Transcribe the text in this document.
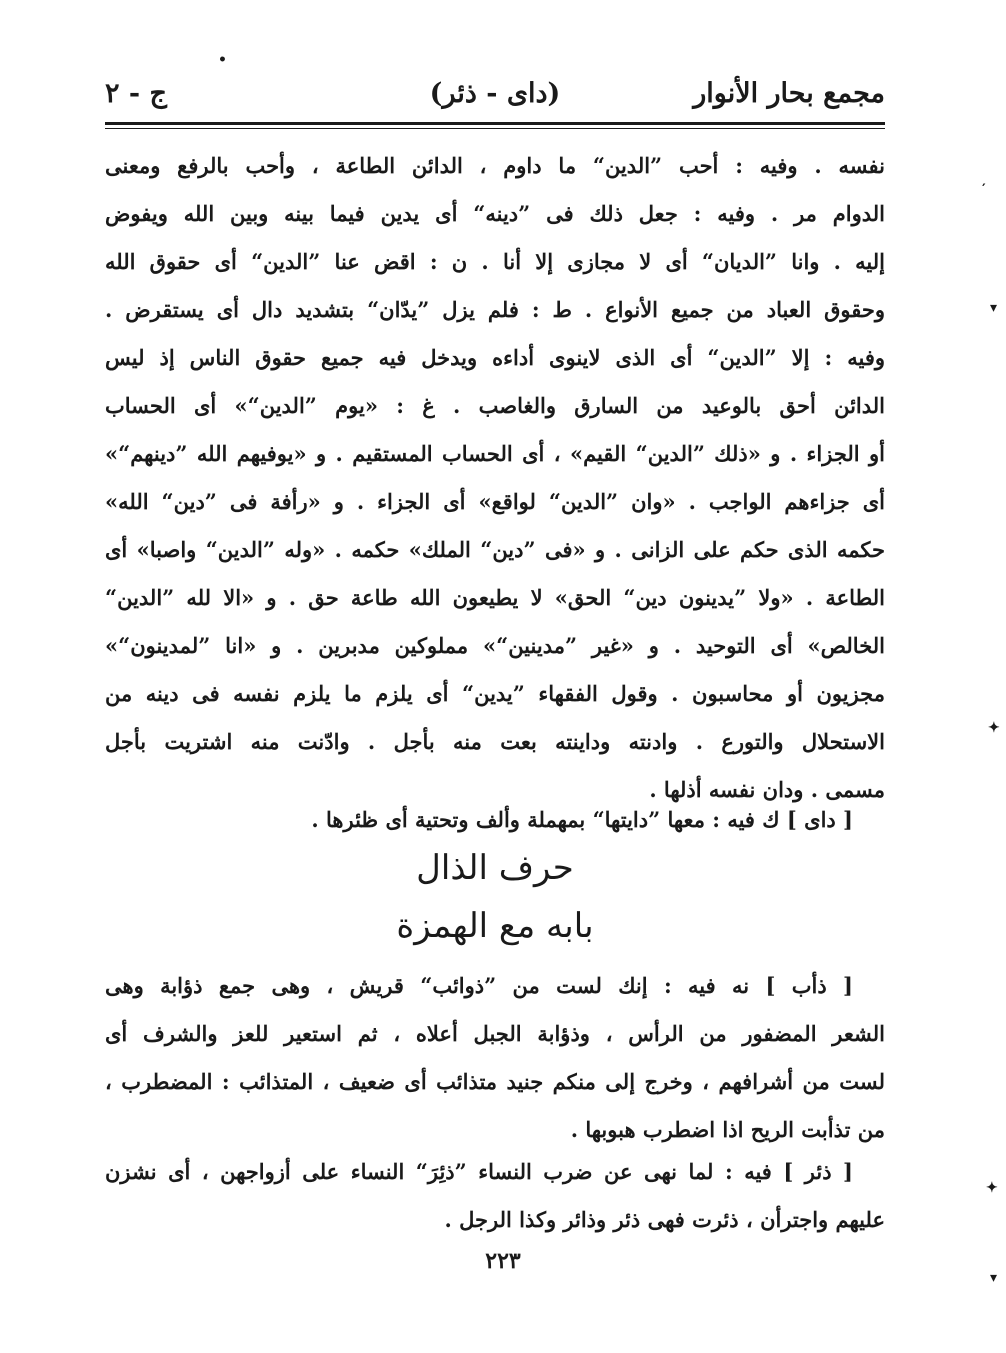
مجمع بحار الأنوار
(داى - ذئر)
ج - ٢
نفسه . وفيه : أحب ”الدين“ ما داوم ، الدائن الطاعة ، وأحب بالرفع ومعنى
الدوام مر . وفيه : جعل ذلك فى ”دينه“ أى يدين فيما بينه وبين الله ويفوض
إليه . وانا ”الديان“ أى لا مجازى إلا أنا . ن : اقض عنا ”الدين“ أى حقوق الله
وحقوق العباد من جميع الأنواع . ط : فلم يزل ”يدّان“ بتشديد دال أى يستقرض .
وفيه : إلا ”الدين“ أى الذى لاينوى أداءه ويدخل فيه جميع حقوق الناس إذ ليس
الدائن أحق بالوعيد من السارق والغاصب . غ : «يوم ”الدين“» أى الحساب
أو الجزاء . و «ذلك ”الدين“ القيم» ، أى الحساب المستقيم . و «يوفيهم الله ”دينهم“»
أى جزاءهم الواجب . «وان ”الدين“ لواقع» أى الجزاء . و «رأفة فى ”دين“ الله»
حكمه الذى حكم على الزانى . و «فى ”دين“ الملك» حكمه . «وله ”الدين“ واصبا» أى
الطاعة . «ولا ”يدينون دين“ الحق» لا يطيعون الله طاعة حق . و «الا لله ”الدين“
الخالص» أى التوحيد . و «غير ”مدينين“» مملوكين مدبرين . و «انا ”لمدينون“»
مجزيون أو محاسبون . وقول الفقهاء ”يدين“ أى يلزم ما يلزم نفسه فى دينه من
الاستحلال والتورع . وادنته وداينته بعت منه بأجل . وادّنت منه اشتريت بأجل
مسمى . ودان نفسه أذلها .
[ داى ] ك فيه : معها ”دايتها“ بمهملة وألف وتحتية أى ظئرها .
حرف الذال
بابه مع الهمزة
[ ذأب ] نه فيه : إنك لست من ”ذوائب“ قريش ، وهى جمع ذؤابة وهى
الشعر المضفور من الرأس ، وذؤابة الجبل أعلاه ، ثم استعير للعز والشرف أى
لست من أشرافهم ، وخرج إلى منكم جنيد متذائب أى ضعيف ، المتذائب : المضطرب ،
من تذأبت الريح اذا اضطرب هبوبها .
[ ذئر ] فيه : لما نهى عن ضرب النساء ”ذئِرَ“ النساء على أزواجهن ، أى نشزن
عليهم واجترأن ، ذئرت فهى ذئر وذائر وكذا الرجل .
٢٢٣
′
▾
✦
✦
▾
•
